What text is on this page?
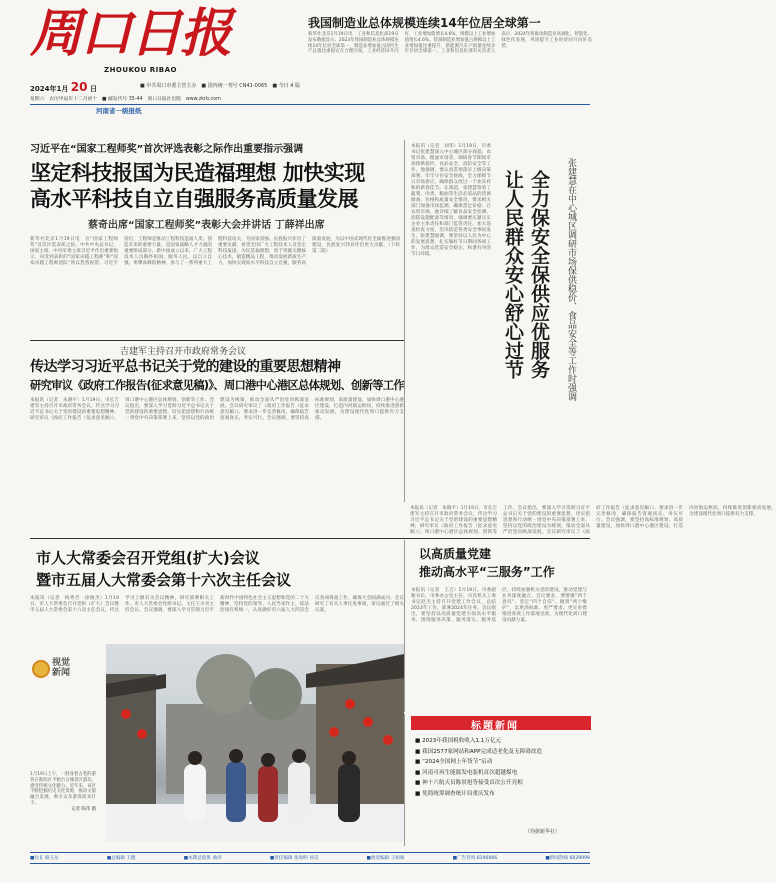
周口日报
ZHOUKOU RIBAO
2024年1月 20 日	■ 中共周口市委主管主办　■ 国内统一刊号 CN41-0065　■ 今日 4 版
星期六　农历甲辰年十二月初十　■ 邮发代号 35-44　周口日报社出版　www.zkrb.com
河南省一级报纸
我国制造业总体规模连续14年位居全球第一
新华社北京1月19日电　工业和信息化部19日发布数据显示，2023年我国制造业总体规模连续14年位居全球第一，制造业增加值占国内生产总值比重稳定在合理区间。工业经济回升向好，工业增加值增长4.6%，规模以上工业增加值增长4.6%。装备制造业增加值占规模以上工业增加值比重提升，新能源汽车产销量连续多年位居全球第一，工业和信息化部有关负责人表示，2024年将推动制造业高端化、智能化、绿色化发展，巩固提升工业经济回升向好态势。
习近平在“国家工程师奖”首次评选表彰之际作出重要指示强调
坚定科技报国为民造福理想 加快实现
高水平科技自立自强服务高质量发展
蔡奇出席“国家工程师奖”表彰大会并讲话 丁薛祥出席
新华社北京1月19日电　在“国家工程师奖”首次评选表彰之际，中共中央总书记、国家主席、中央军委主席习近平作出重要指示，向受到表彰的“国家卓越工程师”和“国家卓越工程师团队”致以热烈祝贺。习近平指出，工程师是推动工程科技造福人类、创造未来的重要力量，是国家战略人才力量的重要组成部分。新中国成立以来，广大工程技术人员胸怀祖国、服务人民，以自立自强、勇攀高峰的精神，参与了一系列重大工程科技攻关，为国家富强、民族振兴作出了重要贡献。希望全国广大工程技术人员坚定科技报国、为民造福理想，勇于突破关键核心技术，锻造精品工程，推动发展新质生产力，加快实现高水平科技自立自强，服务高质量发展，为以中国式现代化全面推进强国建设、民族复兴伟业作出更大贡献。（下转第二版）
本报讯（记者　刘华）1月19日，市委书记张建慧深入中心城区部分商超、农贸市场、粮油市场等，调研春节期间市场保供稳价、食品安全、消防安全等工作。他强调，要认真贯彻落实上级决策部署，牢牢守住安全底线，全力保障节日市场供应，确保群众度过一个欢乐祥和的新春佳节。在商超，张建慧察看了蔬菜、肉类、粮油等生活必需品的货源储备、价格和质量安全情况，要求相关部门加强市场监测，确保货足价稳；在农贸市场，他详细了解食品安全检测、消防设施配备等情况，强调要压紧压实企业主体责任和部门监管责任，加大巡查检查力度，坚决防范各类安全事故发生。张建慧强调，要坚持以人民为中心的发展思想，扎实做好节日期间各项工作，为群众营造安全稳定、和谐有序的节日环境。	让人民群众安心舒心过节 全力保安全保供应优服务 张建慧在中心城区调研市场保供稳价、食品安全等工作时强调
吉建军主持召开市政府常务会议
传达学习习近平总书记关于党的建设的重要思想精神
研究审议《政府工作报告(征求意见稿)》、周口港中心港区总体规划、创新等工作
本报讯（记者　朱晓平）1月19日，市长吉建军主持召开市政府常务会议，传达学习习近平总书记关于党的建设的重要思想精神，研究审议《政府工作报告（征求意见稿）》、周口港中心港区总体规划、创新等工作。会议指出，要深入学习贯彻习近平总书记关于党的建设的重要思想，切实把思想和行动统一到党中央决策部署上来，坚持以党的政治建设为统领，推动全面从严治党向纵深发展。会议研究审议了《政府工作报告（征求意见稿）》，要求进一步完善修改，确保报告客观真实、务实可行。会议强调，要坚持高标准规划、高质量建设，加快周口港中心港区建设，打造内河航运枢纽，持续推进创新驱动发展，为建设现代化周口提供有力支撑。
本报讯（记者　朱晓平）1月19日，市长吉建军主持召开市政府常务会议，传达学习习近平总书记关于党的建设的重要思想精神，研究审议《政府工作报告（征求意见稿）》、周口港中心港区总体规划、创新等工作。会议指出，要深入学习贯彻习近平总书记关于党的建设的重要思想，切实把思想和行动统一到党中央决策部署上来，坚持以党的政治建设为统领，推动全面从严治党向纵深发展。会议研究审议了《政府工作报告（征求意见稿）》，要求进一步完善修改，确保报告客观真实、务实可行。会议强调，要坚持高标准规划、高质量建设，加快周口港中心港区建设，打造内河航运枢纽，持续推进创新驱动发展，为建设现代化周口提供有力支撑。
市人大常委会召开党组(扩大)会议
暨市五届人大常委会第十六次主任会议
本报讯（记者　杨秀芳　徐俊杰）1月19日，市人大常委会召开党组（扩大）会议暨市五届人大常委会第十六次主任会议，传达学习上级有关会议精神，研究部署相关工作。市人大常委会党组书记、主任王少青主持会议。会议强调，要深入学习贯彻习近平新时代中国特色社会主义思想和党的二十大精神，坚持党的领导、人民当家作主、依法治国有机统一，认真做好市六届人大四次会议各项筹备工作，确保大会圆满成功。会议研究了有关人事任免事项，审议通过了相关议案。
视觉新闻
1月19日上午，一群身着古装的游客在淮阳区平粮台古城景区游玩，感受传统文化魅力。近年来，该区不断挖掘历史文化资源，推动文旅融合发展，吸引众多游客前来打卡。
记者 陈伟 摄
以高质量党建
推动高水平“三服务”工作
本报讯（记者　王吉）1月19日，市委副秘书长、市委办公室主任、市直机关工委书记赵杰主持召开党建工作会议，总结2023年工作，部署2024年任务。会议指出，要坚持以高质量党建引领高水平服务，围绕服务决策、服务落实、服务基层，持续加强机关党的建设，推动党建与业务深度融合。会议要求，要增强“四个意识”、坚定“四个自信”、做到“两个维护”，以更高标准、更严要求、更实举措推进各项工作落地见效，为现代化周口建设贡献力量。
标题新闻
■ 2023年我国税收收入1.1万亿元
■ 我国2577家网站和APP完成适老化及无障碍改造
■ “2024全国网上年货节”启动
■ 河南可再生能源发电装机首次超越煤电
■ 神十六航天员陈景旭等接受首次公开亮相
■ 免简统筹调查统计局重庆发布
（均据新华社）
■社长 路玉岳	■总编辑 王健	■本期总值班 曲涛	■责任编辑 张海明 孙昊	■视觉编辑 王娟娟	■广告咨询 6190066	■新闻热线 6029999
